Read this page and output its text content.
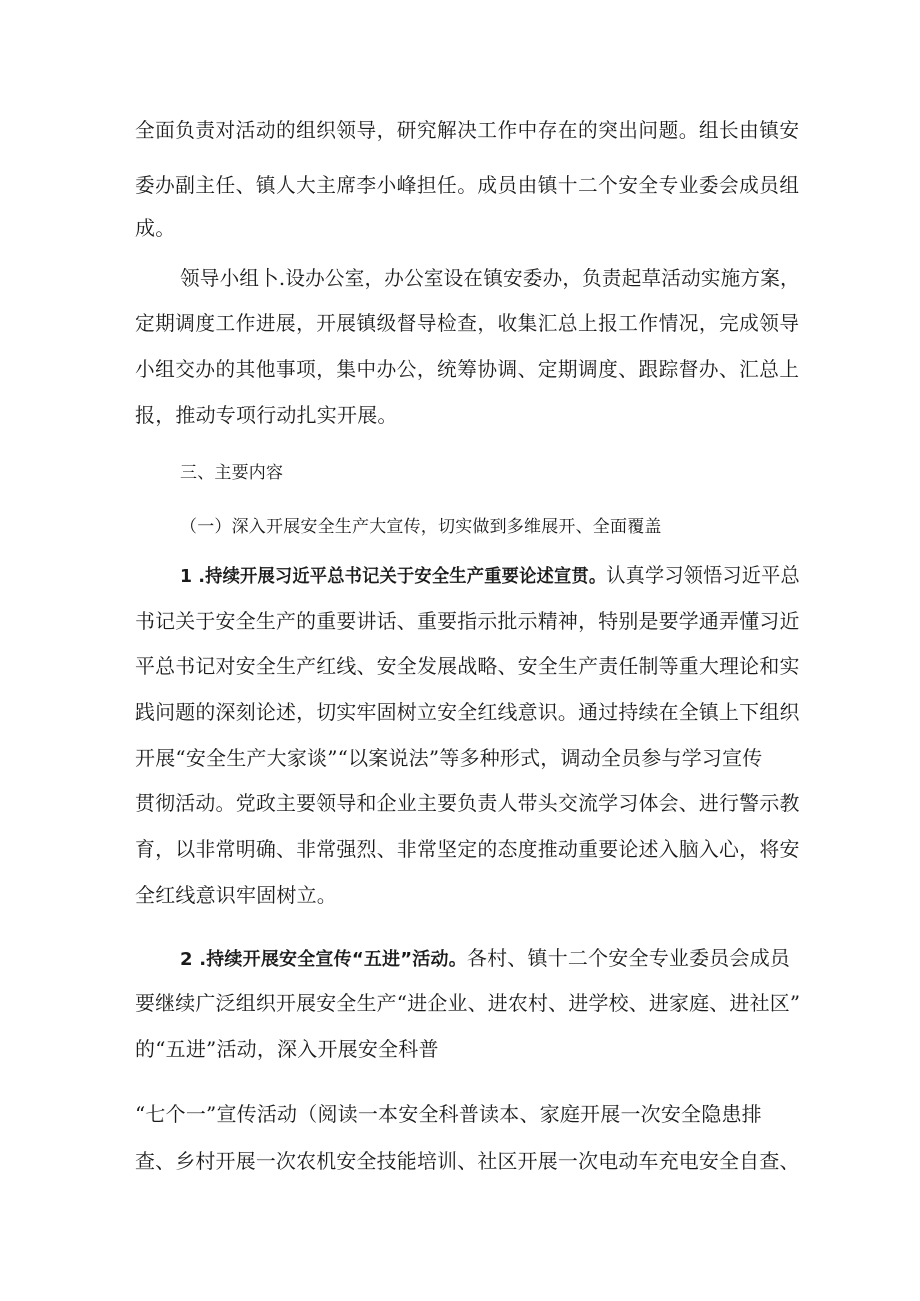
全面负责对活动的组织领导，研究解决工作中存在的突出问题。组长由镇安
委办副主任、镇人大主席李小峰担任。成员由镇十二个安全专业委会成员组
成。
领导小组卜.设办公室，办公室设在镇安委办，负责起草活动实施方案，
定期调度工作进展，开展镇级督导检查，收集汇总上报工作情况，完成领导
小组交办的其他事项，集中办公，统筹协调、定期调度、跟踪督办、汇总上
报，推动专项行动扎实开展。
三、主要内容
（一）深入开展安全生产大宣传，切实做到多维展开、全面覆盖
1 .持续开展习近平总书记关于安全生产重要论述宣贯。认真学习领悟习近平总
书记关于安全生产的重要讲话、重要指示批示精神，特别是要学通弄懂习近
平总书记对安全生产红线、安全发展战略、安全生产责任制等重大理论和实
践问题的深刻论述，切实牢固树立安全红线意识。通过持续在全镇上下组织
开展“安全生产大家谈”“以案说法”等多种形式，调动全员参与学习宣传
贯彻活动。党政主要领导和企业主要负责人带头交流学习体会、进行警示教
育，以非常明确、非常强烈、非常坚定的态度推动重要论述入脑入心，将安
全红线意识牢固树立。
2 .持续开展安全宣传“五进”活动。各村、镇十二个安全专业委员会成员
要继续广泛组织开展安全生产“进企业、进农村、进学校、进家庭、进社区”
的“五进”活动，深入开展安全科普
“七个一”宣传活动（阅读一本安全科普读本、家庭开展一次安全隐患排
查、乡村开展一次农机安全技能培训、社区开展一次电动车充电安全自查、
